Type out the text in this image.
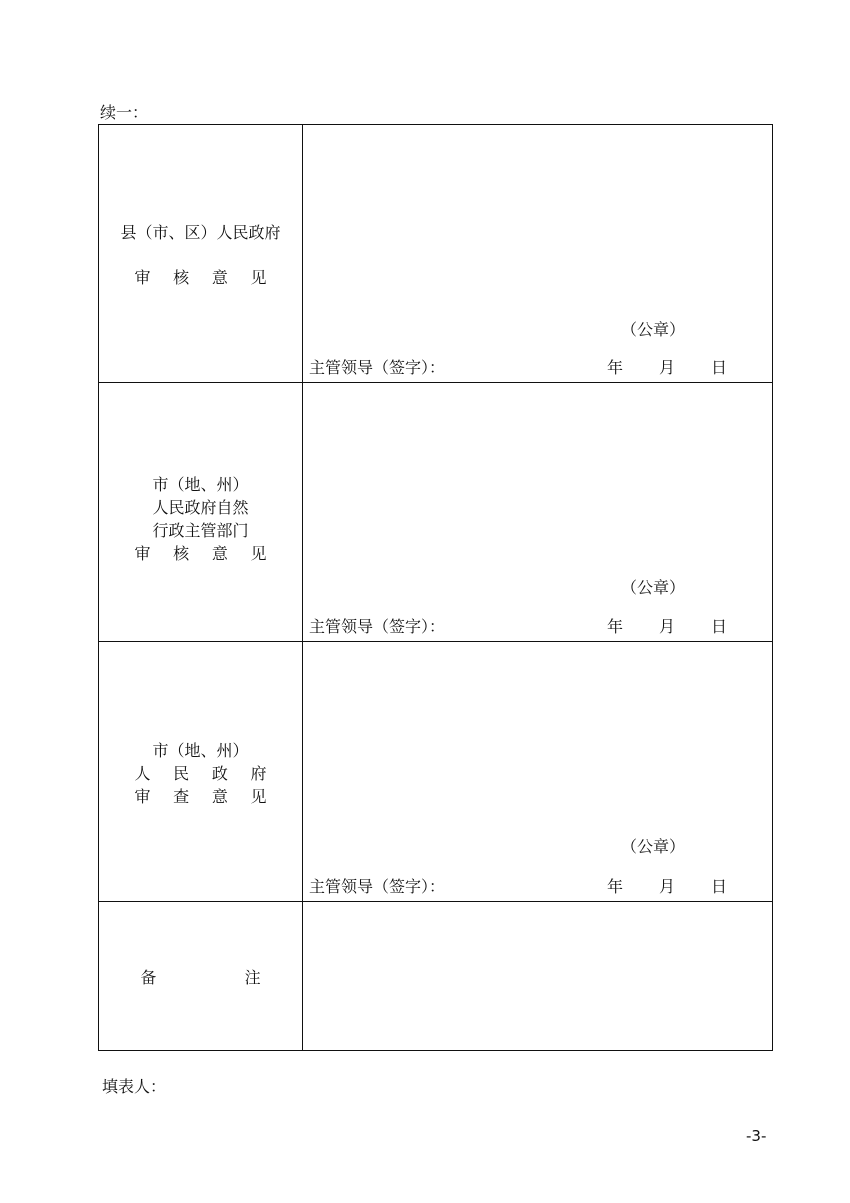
续一：
县（市、区）人民政府
审 核 意 见	（公章）
主管领导（签字）： 年 月 日

市（地、州）
人民政府自然
行政主管部门
审 核 意 见	（公章）
主管领导（签字）： 年 月 日

市（地、州）
人 民 政 府
审 查 意 见	（公章）
主管领导（签字）： 年 月 日

备 注	

填表人：
-3-
